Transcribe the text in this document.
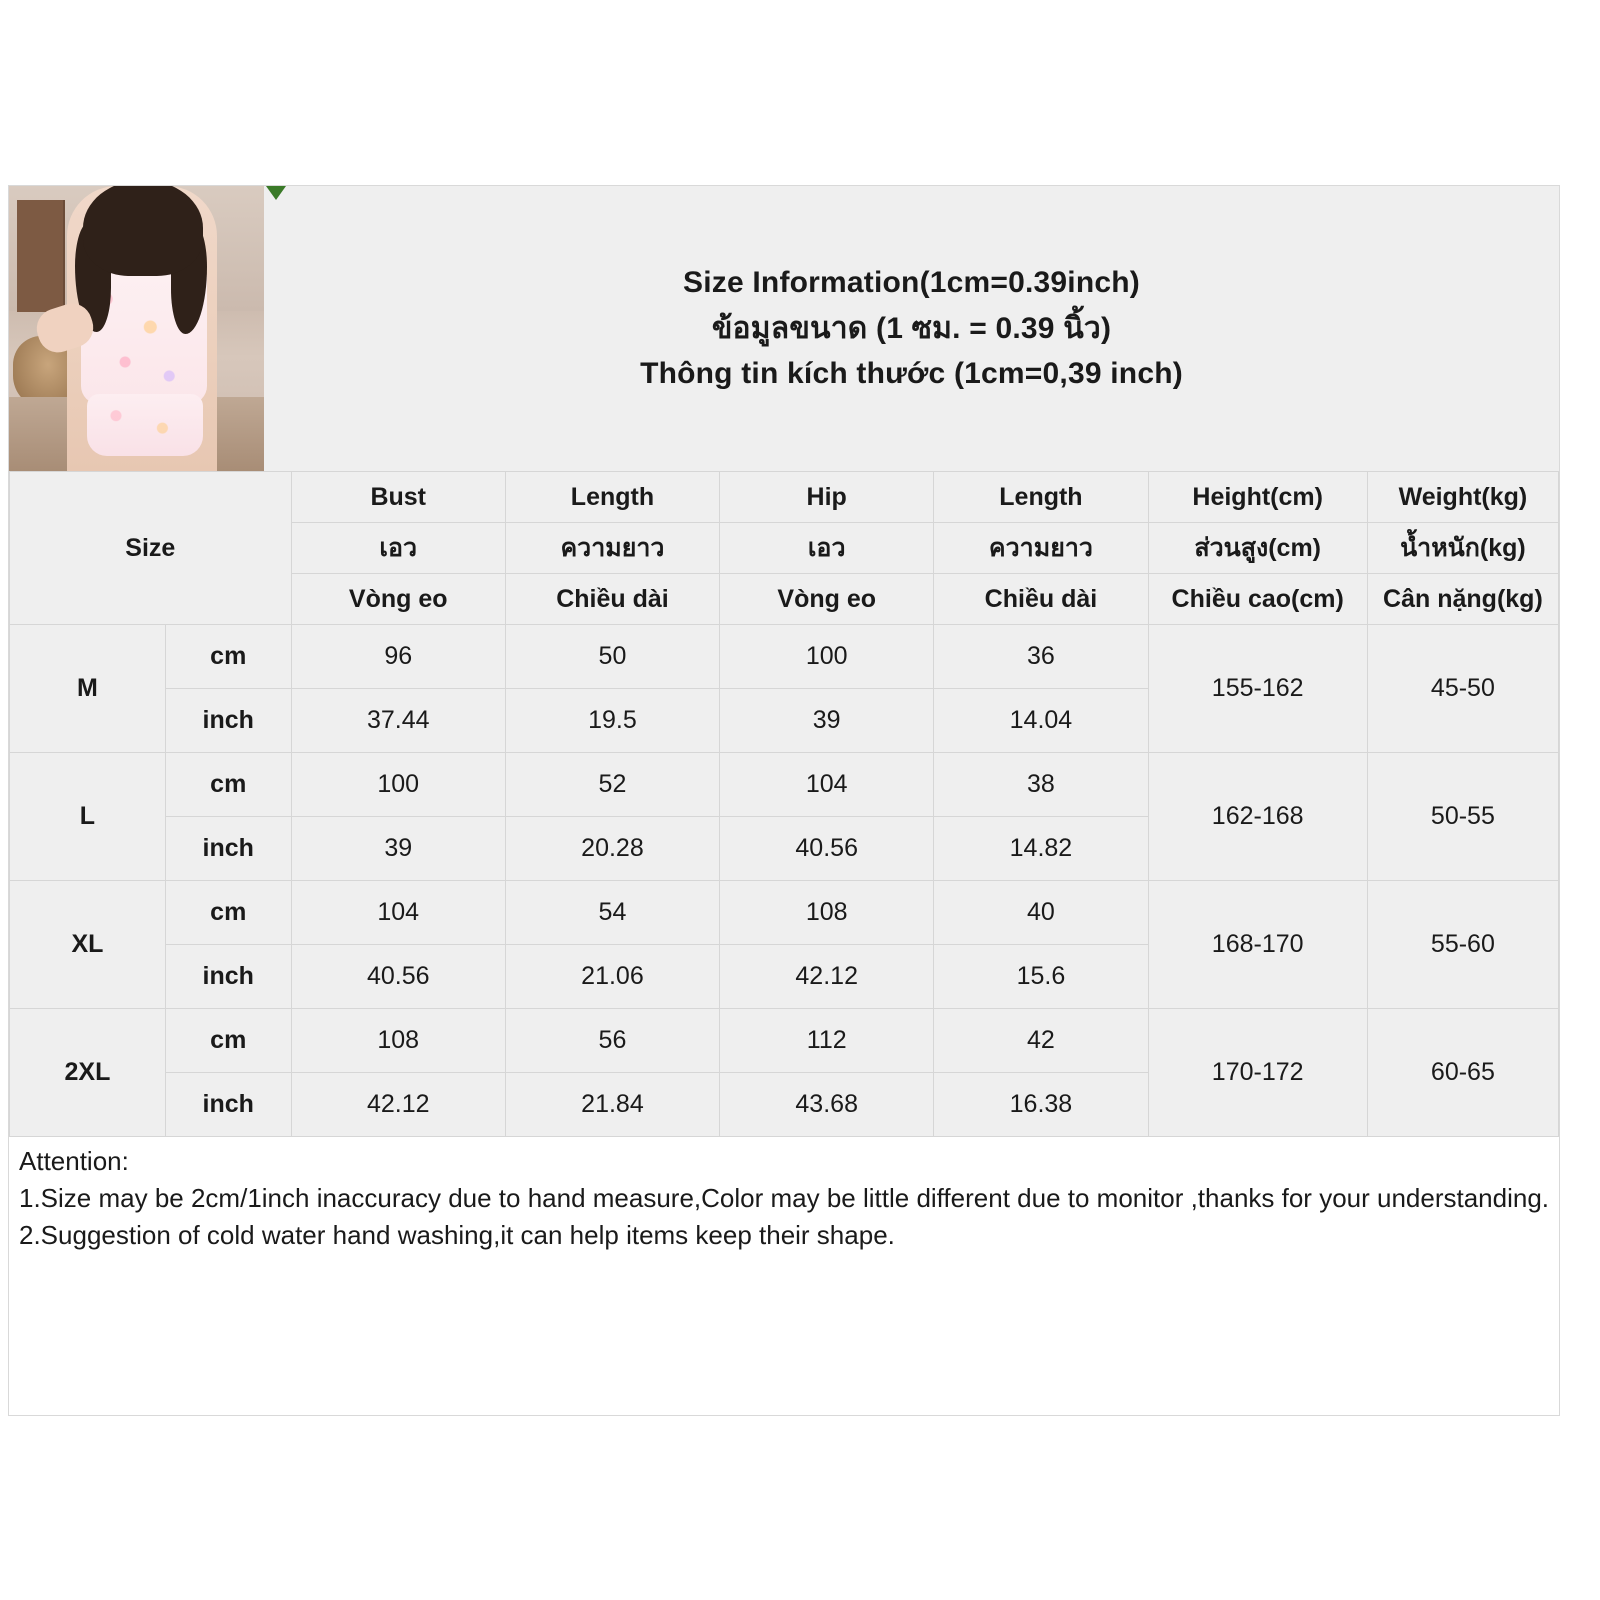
Size Information(1cm=0.39inch)
ข้อมูลขนาด (1 ซม. = 0.39 นิ้ว)
Thông tin kích thước (1cm=0,39 inch)
Size		Bust	Length	Hip	Length	Height(cm)	Weight(kg)
		เอว	ความยาว	เอว	ความยาว	ส่วนสูง(cm)	น้ำหนัก(kg)
		Vòng eo	Chiều dài	Vòng eo	Chiều dài	Chiều cao(cm)	Cân nặng(kg)
M	cm	96	50	100	36	155-162	45-50
	inch	37.44	19.5	39	14.04		
L	cm	100	52	104	38	162-168	50-55
	inch	39	20.28	40.56	14.82		
XL	cm	104	54	108	40	168-170	55-60
	inch	40.56	21.06	42.12	15.6		
2XL	cm	108	56	112	42	170-172	60-65
	inch	42.12	21.84	43.68	16.38		

Attention:

1.Size may be 2cm/1inch inaccuracy due to hand measure,Color may be little different due to monitor ,thanks for your understanding.

2.Suggestion of cold water hand washing,it can help items keep their shape.
